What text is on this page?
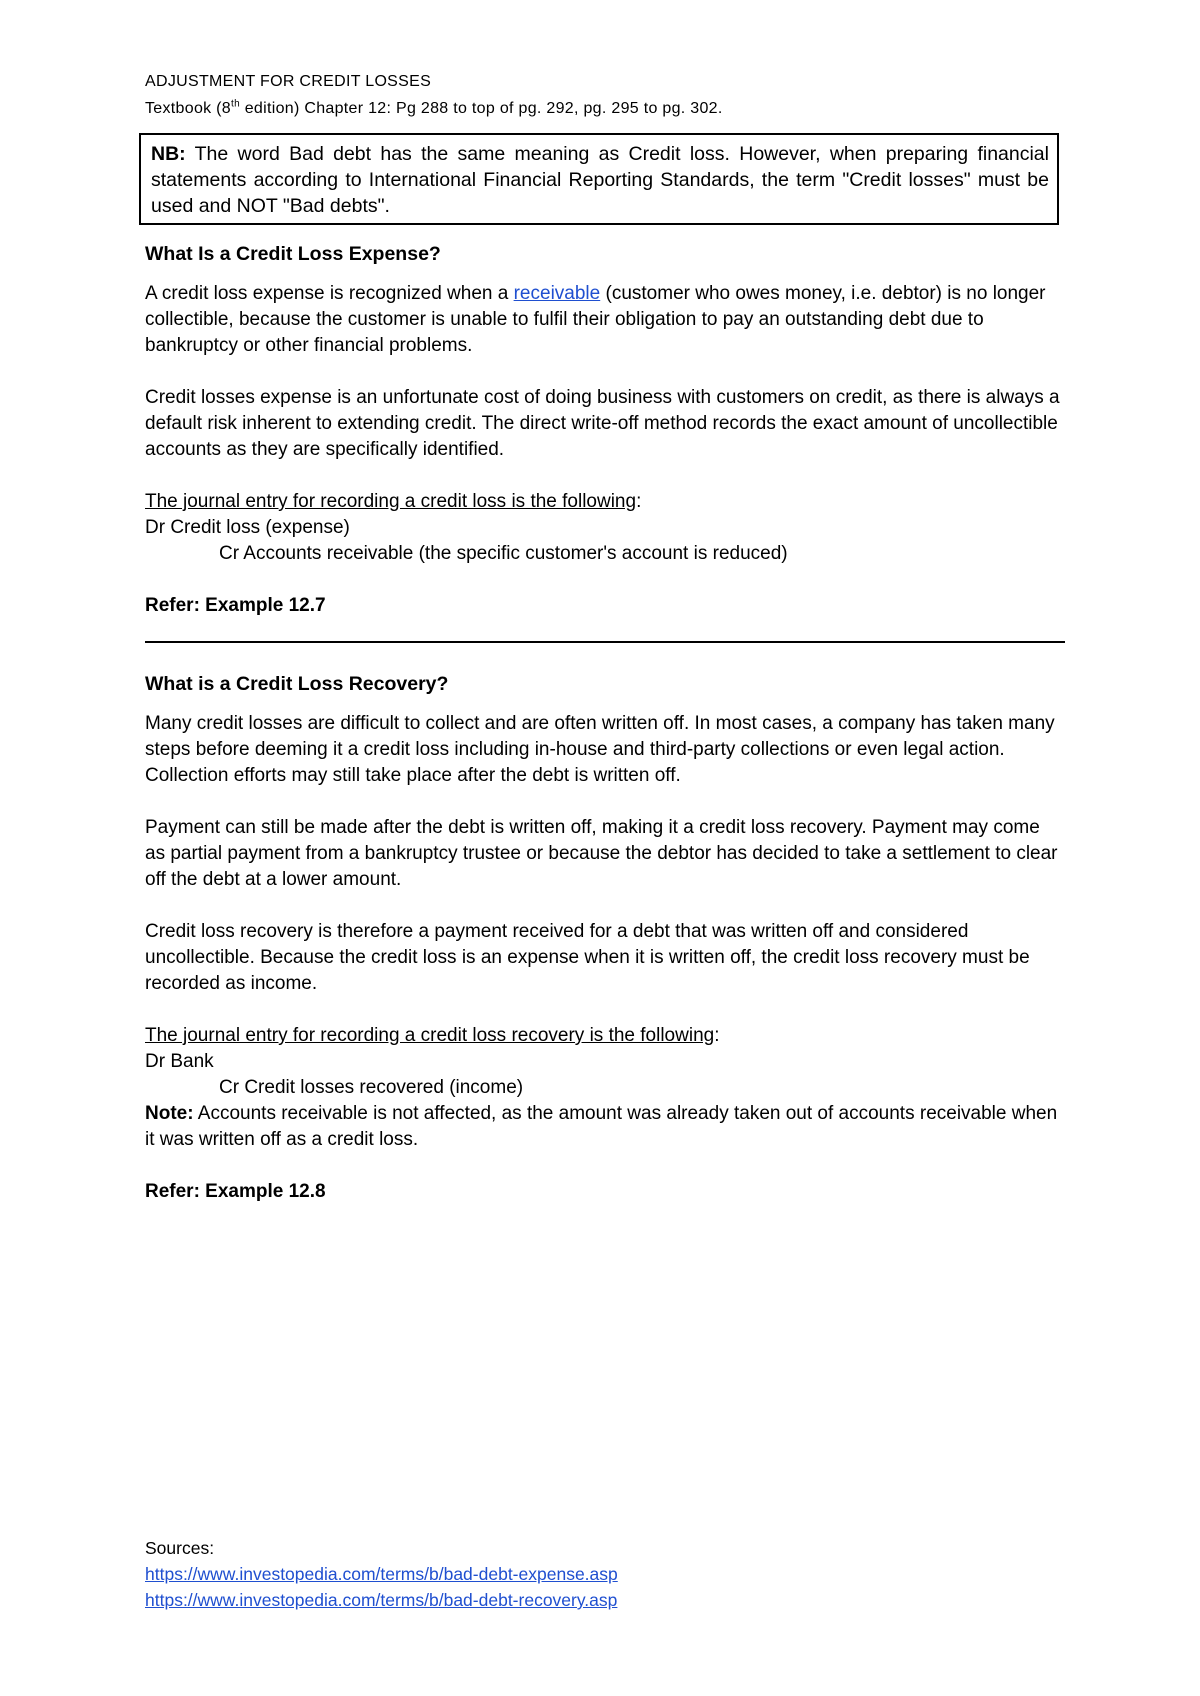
ADJUSTMENT FOR CREDIT LOSSES

Textbook (8th edition) Chapter 12: Pg 288 to top of pg. 292, pg. 295 to pg. 302.

NB: The word Bad debt has the same meaning as Credit loss. However, when preparing financial statements according to International Financial Reporting Standards, the term "Credit losses" must be used and NOT "Bad debts".
What Is a Credit Loss Expense?

A credit loss expense is recognized when a receivable (customer who owes money, i.e. debtor) is no longer collectible, because the customer is unable to fulfil their obligation to pay an outstanding debt due to bankruptcy or other financial problems.

Credit losses expense is an unfortunate cost of doing business with customers on credit, as there is always a default risk inherent to extending credit. The direct write-off method records the exact amount of uncollectible accounts as they are specifically identified.

The journal entry for recording a credit loss is the following:

Dr Credit loss (expense)

Cr Accounts receivable (the specific customer's account is reduced)

Refer: Example 12.7

What is a Credit Loss Recovery?

Many credit losses are difficult to collect and are often written off. In most cases, a company has taken many steps before deeming it a credit loss including in-house and third-party collections or even legal action. Collection efforts may still take place after the debt is written off.

Payment can still be made after the debt is written off, making it a credit loss recovery. Payment may come as partial payment from a bankruptcy trustee or because the debtor has decided to take a settlement to clear off the debt at a lower amount.

Credit loss recovery is therefore a payment received for a debt that was written off and considered uncollectible. Because the credit loss is an expense when it is written off, the credit loss recovery must be recorded as income.

The journal entry for recording a credit loss recovery is the following:

Dr Bank

Cr Credit losses recovered (income)

Note: Accounts receivable is not affected, as the amount was already taken out of accounts receivable when it was written off as a credit loss.

Refer: Example 12.8

Sources:

https://www.investopedia.com/terms/b/bad-debt-expense.asp

https://www.investopedia.com/terms/b/bad-debt-recovery.asp
